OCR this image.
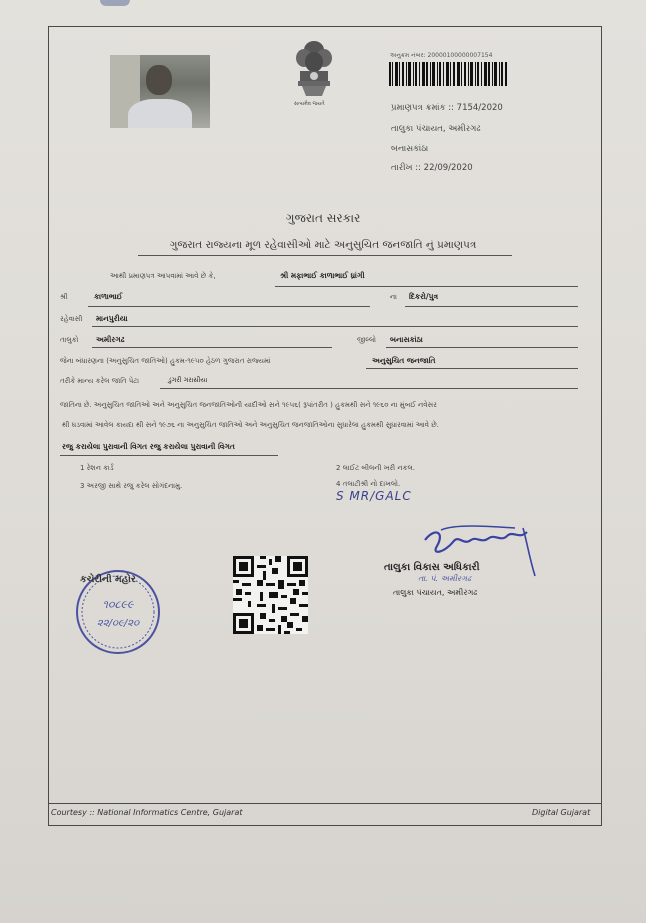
સત્યમેવ જયતે
અનુક્રમ નંબર: 20000100000007154
પ્રમાણપત્ર ક્રમાંક :: 7154/2020
તાલુકા પંચાયત, અમીરગઢ
બનાસકાંઠા
તારીખ :: 22/09/2020
ગુજરાત સરકાર
ગુજરાત રાજ્યના મૂળ રહેવાસીઓ માટે અનુસુચિત જનજાતિ નું પ્રમાણપત્ર
આથી પ્રમાણપત્ર આપવામાં આવે છે કે,	શ્રી મફાભાઈ કાળાભાઈ ધ્રાંગી
શ્રી	કાળાભાઈ	ના દિકરો/પુત્ર
રહેવાસી માનપુરીયા
તાલુકો અમીરગઢ	જીલ્લો બનાસકાંઠા
જેના બંધારણના (અનુસુચિત જાતિઓ) હુકમ-૧૯૫૦ હેઠળ ગુજરાત રાજ્યમાં	અનુસુચિત જનજાતિ
તરીકે માન્ય કરેલ જાતિ પેટા	ડુંગરી ગરાસીયા
જાતિના છે. અનુસુચિત જાતિઓ અને અનુસુચિત જનજાતિઓની યાદીઓ સને ૧૯૫૬( રૂપાંતરીત ) હુકમથી સને ૧૯૬૦ ના મુંબઈ નવેસર
થી ઘડવામાં આવેલ કાયદા થી સને ૧૯૭૬ ના અનુસુચિત જાતિઓ અને અનુસુચિત જનજાતિઓના સુધારેલા હુકમથી સુધારવામાં આવે છે.
રજુ કરાયેલા પુરાવાની વિગત રજુ કરાયેલા પુરાવાની વિગત
1 રેશન કાર્ડ	2 લાઈટ બીલની ખરી નકલ.
3 અરજી સાથે રજુ કરેલ સોગંદનામુ.	4 તલાટીશ્રી નો દાખલો.
S MR/GALC
૧૦૮૯૯
૨૨/૦૯/૨૦
કચેરીની મહોર
તાલુકા વિકાસ અધિકારી
તા. પં. અમીરગઢ
તાલુકા પંચાયત, અમીરગઢ
Courtesy :: National Informatics Centre, Gujarat	Digital Gujarat
